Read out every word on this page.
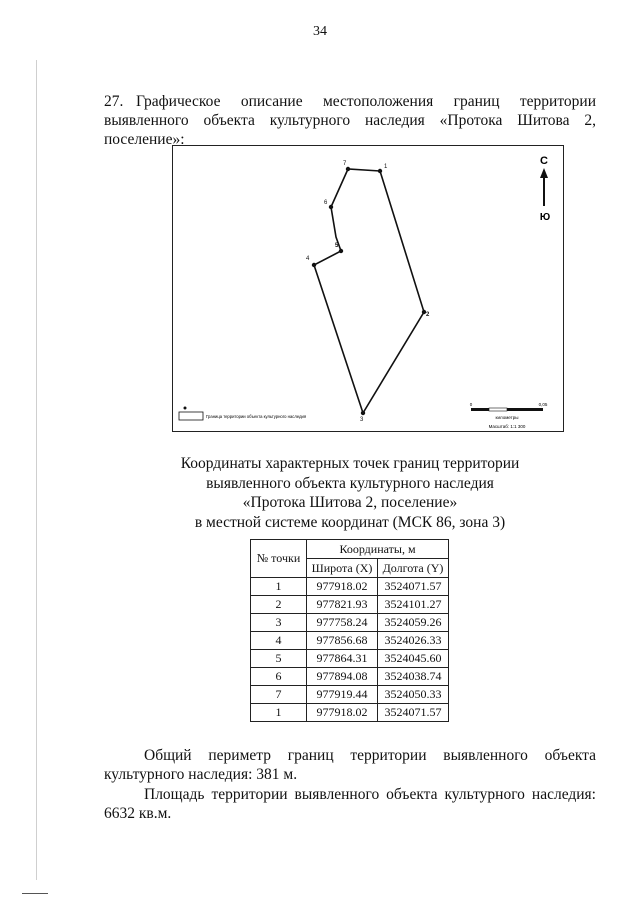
34
27. Графическое описание местоположения границ территории выявленного объекта культурного наследия «Протока Шитова 2, поселение»:
1
2
3
4
5
6
7	С
Ю
Граница территории объекта культурного наследия
0	0,05
километры
Масштаб: 1:1 300
Координаты характерных точек границ территории
выявленного объекта культурного наследия
«Протока Шитова 2, поселение»
в местной системе координат (МСК 86, зона 3)
№ точки	Координаты, м	
	Широта (X)	Долгота (Y)
1	977918.02	3524071.57
2	977821.93	3524101.27
3	977758.24	3524059.26
4	977856.68	3524026.33
5	977864.31	3524045.60
6	977894.08	3524038.74
7	977919.44	3524050.33
1	977918.02	3524071.57
Общий периметр границ территории выявленного объекта культурного наследия: 381 м.
Площадь территории выявленного объекта культурного наследия: 6632 кв.м.
